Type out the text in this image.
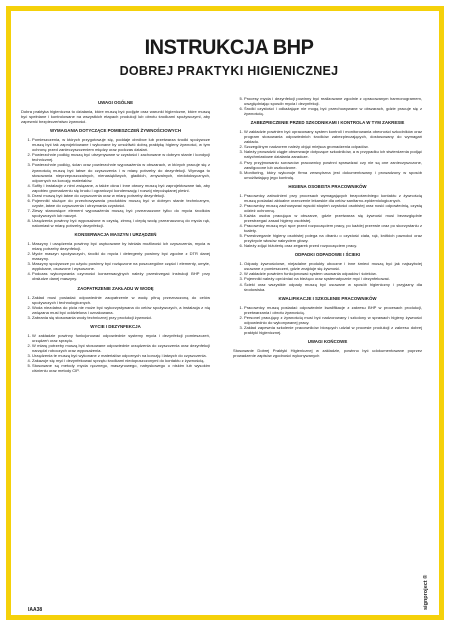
INSTRUKCJA BHP
DOBREJ PRAKTYKI HIGIENICZNEJ
UWAGI OGÓLNE
Dobra praktyka higieniczna to działania, które muszą być podjęte oraz warunki higieniczne, które muszą być spełniane i kontrolowane na wszystkich etapach produkcji lub obrotu środkami spożywczymi, aby zapewnić bezpieczeństwo żywności.
WYMAGANIA DOTYCZĄCE POMIESZCZEŃ ŻYWNOŚCIOWYCH
1. Pomieszczenia, w których przygotowuje się, poddaje obróbce lub przetwarza środki spożywcze muszą być tak zaprojektowane i wykonane by umożliwić dobrą praktykę higieny żywności, w tym ochronę przed zanieczyszczeniem między oraz podczas działań.
2. Powierzchnie podłóg muszą być utrzymywane w czystości i zachowane w dobrym stanie i kondycji technicznej.
3. Powierzchnie podłóg, ścian oraz powierzchnie wyposażenia w obszarach, w których pracuje się z żywnością muszą być łatwe do czyszczenia i w miarę potrzeby do dezynfekcji. Wymaga to stosowania nieprzepuszczalnych, nienasiąkliwych, gładkich, zmywalnych, niedotoksycznych, odpornych na korozję materiałów.
4. Sufity i instalacje z nimi związane, a także okna i inne otwory muszą być zaprojektowane tak, aby zapobiec gromadzeniu się brudu i ograniczyć kondensację i rozwój niepożądanej pleśni.
5. Drzwi muszą być łatwe do czyszczenia oraz w miarę potrzeby dezynfekcji.
6. Pojemniki służące do przechowywania produktów muszą być w dobrym stanie technicznym, czyste, łatwe do czyszczenia i utrzymania czystości.
7. Zlewy stanowiące element wyposażenia muszą być przeznaczone tylko do mycia środków spożywczych lub naczyń.
8. Urządzenia powinny być wyposażone w czystą, zimną i ciepłą wodę przeznaczoną do mycia rąk, natomiast w miarę potrzeby dezynfekcji.
KONSERWACJA MASZYN I URZĄDZEŃ
1. Maszyny i urządzenia powinny być usytuowane by istniała możliwość ich czyszczenia, mycia w miarę potrzeby dezynfekcji.
2. Mycie maszyn spożywczych, środki do mycia i detergenty powinny być zgodne z DTR danej maszyny.
3. Maszyny spożywcze po użyciu powinny być rozłączone na poszczególne części i elementy, umyte, wypłukane, osuszone i wysuszone.
4. Podczas wykonywania czynności konserwacyjnych należy przestrzegać instrukcji BHP przy obsłudze danej maszyny.
ZAOPATRZENIE ZAKŁADU W WODĘ
1. Zakład musi posiadać odpowiednie zaopatrzenie w wodę pitną przeznaczoną do celów spożywczych i technologicznych.
2. Woda niezdatna do picia nie może być wykorzystywana do celów spożywczych, a instalacja z nią związana musi być oddzielona i oznakowana.
3. Zabrania się stosowania wody technicznej przy produkcji żywności.
WYCIE I DEZYNFEKCJA
1. W zakładzie powinny funkcjonować odpowiednie systemy mycia i dezynfekcji pomieszczeń, urządzeń oraz sprzętu.
2. W miarę potrzeby muszą być stosowane odpowiednie urządzenia do czyszczenia oraz dezynfekcji narzędzi roboczych oraz wyposażenia.
3. Urządzenia te muszą być wykonane z materiałów odpornych na korozję i łatwych do czyszczenia.
4. Zakazuje się myć i dezynfekować sprzętu środkami niedopuszczonymi do kontaktu z żywnością.
5. Stosowane są metody mycia ręcznego, maszynowego, natryskowego o niskim lub wysokim ciśnieniu oraz metody CIP.
5. Procesy mycia i dezynfekcji powinny być realizowane zgodnie z opracowanym harmonogramem, uwzględniając sposób mycia i dezynfekcji.
6. Środki czystości i odkażające nie mogą być przechowywane w obszarach, gdzie pracuje się z żywnością.
ZABEZPIECZENIE PRZED SZKODNIKAMI I KONTROLA W TYM ZAKRESIE
1. W zakładzie powinien być opracowany system kontroli i monitorowania obecności szkodników oraz program stosowania odpowiednich środków zabezpieczających, dostosowany do wymagań zakładu.
2. Szczególnym nadzorem należy objąć miejsca gromadzenia odpadów.
3. Należy prowadzić ciągłe obserwacje dotyczące szkodników, a w przypadku ich stwierdzenia podjąć natychmiastowe działania zaradcze.
4. Przy przyjmowaniu surowców pracownicy powinni sprawdzać czy nie są one zanieczyszczone, zawilgocone lub uszkodzone.
5. Monitoring, który wykonuje firma zewnętrzna jest dokumentowany i prowadzony w sposób umożliwiający jego kontrolę.
HIGIENA OSOBISTA PRACOWNIKÓW
1. Pracownicy zatrudnieni przy procesach wymagających bezpośredniego kontaktu z żywnością muszą posiadać aktualne orzeczenie lekarskie dla celów sanitarno-epidemiologicznych.
2. Pracownicy muszą zachowywać wysoki stopień czystości osobistej oraz nosić odpowiednią, czystą odzież ochronną.
3. Każda osoba pracująca w obszarze, gdzie przetwarza się żywność musi bezwzględnie przestrzegać zasad higieny osobistej.
4. Pracownicy muszą myć ręce przed rozpoczęciem pracy, po każdej przerwie oraz po skorzystaniu z toalety.
5. Przestrzeganie higieny osobistej polega na dbaniu o czystość ciała, rąk, krótkich paznokci oraz przykrycie włosów nakryciem głowy.
6. Należy zdjąć biżuterię oraz zegarek przed rozpoczęciem pracy.
ODPADKI ODPADOWE I ŚCIEKI
1. Odpady żywnościowe, niejadalne produkty uboczne i inne śmieci muszą być jak najszybciej usuwane z pomieszczeń, gdzie znajduje się żywność.
2. W zakładzie powinien funkcjonować system usuwania odpadów i ścieków.
3. Pojemniki należy opróżniać na bieżąco oraz systematycznie myć i dezynfekować.
4. Ścieki oraz wszystkie odpady muszą być usuwane w sposób higieniczny i przyjazny dla środowiska.
KWALIFIKACJE I SZKOLENIE PRACOWNIKÓW
1. Pracownicy muszą posiadać odpowiednie kwalifikacje z zakresu BHP w procesach produkcji, przetwarzania i obrotu żywnością.
2. Personel pracujący z żywnością musi być nadzorowany i szkolony w sprawach higieny żywności odpowiednio do wykonywanej pracy.
3. Zakład zapewnia szkolenie pracowników biorących udział w procesie produkcji z zakresu dobrej praktyki higienicznej.
UWAGI KOŃCOWE
Stosowanie Dobrej Praktyki Higienicznej w zakładzie, powinno być udokumentowane poprzez prowadzenie zapisów zgodności wykonywanych
IAA38	signproject ®
